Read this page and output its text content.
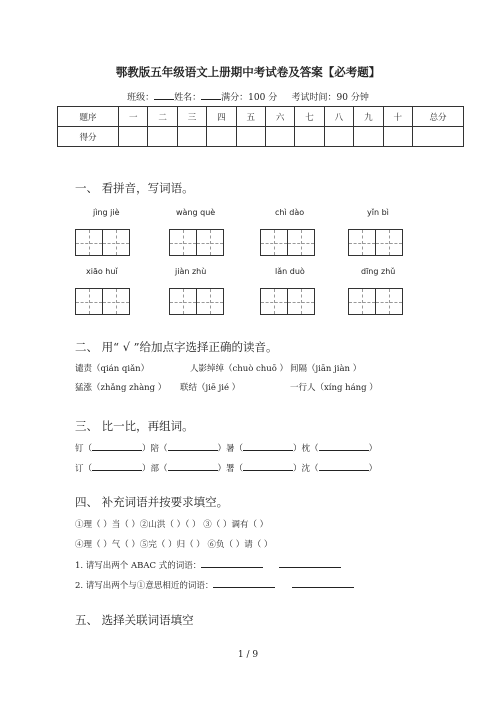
鄂教版五年级语文上册期中考试卷及答案【必考题】
班级： 姓名： 满分：100 分 考试时间：90 分钟
题序	一	二	三	四	五	六	七	八	九	十	总分
得分											
一、 看拼音，写词语。
jìng jiè	wàng què	chì dào	yǐn bì
xiāo huǐ	jiàn zhù	lǎn duò	dīng zhǔ
二、 用“ √ ”给加点字选择正确的读音。
谴责（qián qiǎn）	人影绰绰（chuò chuō ） 间隔（jiān jiàn ）
猛涨（zhǎng zhàng ） 联结（jiē jié ）	一行人（xíng háng ）
三、 比一比，再组词。
钉（	）陪（	）暑（	）枕（	）
订（	）部（	）署（	）沈（	）
四、 补充词语并按要求填空。
①理（ ）当（ ）②山洪（ ）（ ） ③（ ）调有（ ）
④理（ ）气（ ）⑤完（ ）归（ ） ⑥负（ ）请（ ）
1. 请写出两个 ABAC 式的词语：
2. 请写出两个与①意思相近的词语：
五、 选择关联词语填空
1 / 9
